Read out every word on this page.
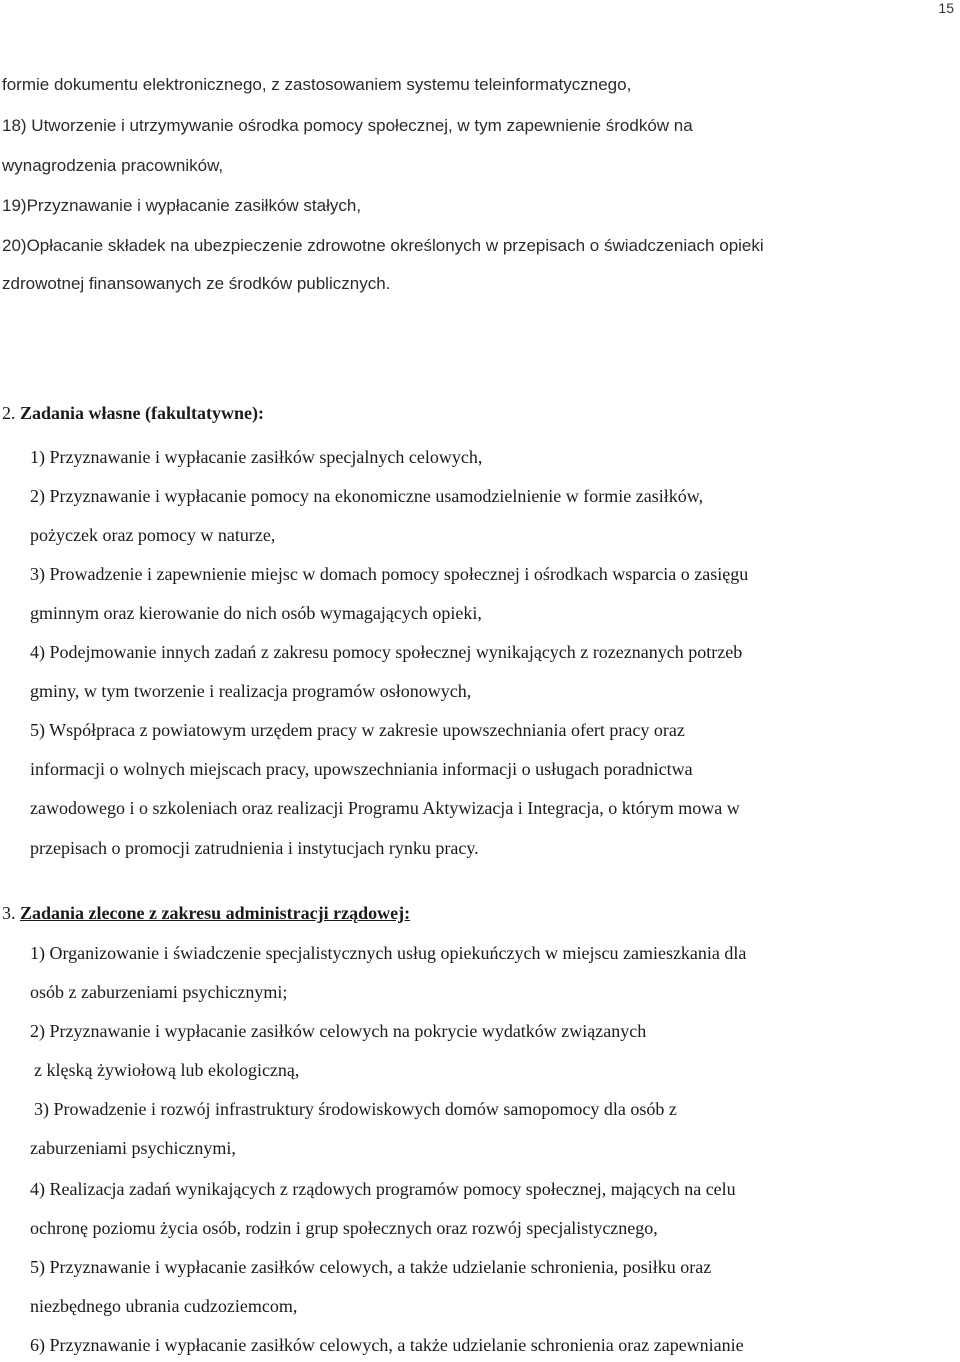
15
formie dokumentu elektronicznego, z zastosowaniem systemu teleinformatycznego,
18) Utworzenie i utrzymywanie ośrodka pomocy społecznej, w tym zapewnienie środków na
wynagrodzenia pracowników,
19)Przyznawanie i wypłacanie zasiłków stałych,
20)Opłacanie składek na ubezpieczenie zdrowotne określonych w przepisach o świadczeniach opieki
zdrowotnej finansowanych ze środków publicznych.
2. Zadania własne (fakultatywne):
1) Przyznawanie i wypłacanie zasiłków specjalnych celowych,
2) Przyznawanie i wypłacanie pomocy na ekonomiczne usamodzielnienie w formie zasiłków,
pożyczek oraz pomocy w naturze,
3) Prowadzenie i zapewnienie miejsc w domach pomocy społecznej i ośrodkach wsparcia o zasięgu
gminnym oraz kierowanie do nich osób wymagających opieki,
4) Podejmowanie innych zadań z zakresu pomocy społecznej wynikających z rozeznanych potrzeb
gminy, w tym tworzenie i realizacja programów osłonowych,
5) Współpraca z powiatowym urzędem pracy w zakresie upowszechniania ofert pracy oraz
informacji o wolnych miejscach pracy, upowszechniania informacji o usługach poradnictwa
zawodowego i o szkoleniach oraz realizacji Programu Aktywizacja i Integracja, o którym mowa w
przepisach o promocji zatrudnienia i instytucjach rynku pracy.
3. Zadania zlecone z zakresu administracji rządowej:
1) Organizowanie i świadczenie specjalistycznych usług opiekuńczych w miejscu zamieszkania dla
osób z zaburzeniami psychicznymi;
2) Przyznawanie i wypłacanie zasiłków celowych na pokrycie wydatków związanych
z klęską żywiołową lub ekologiczną,
3) Prowadzenie i rozwój infrastruktury środowiskowych domów samopomocy dla osób z
zaburzeniami psychicznymi,
4) Realizacja zadań wynikających z rządowych programów pomocy społecznej, mających na celu
ochronę poziomu życia osób, rodzin i grup społecznych oraz rozwój specjalistycznego,
5) Przyznawanie i wypłacanie zasiłków celowych, a także udzielanie schronienia, posiłku oraz
niezbędnego ubrania cudzoziemcom,
6) Przyznawanie i wypłacanie zasiłków celowych, a także udzielanie schronienia oraz zapewnianie
